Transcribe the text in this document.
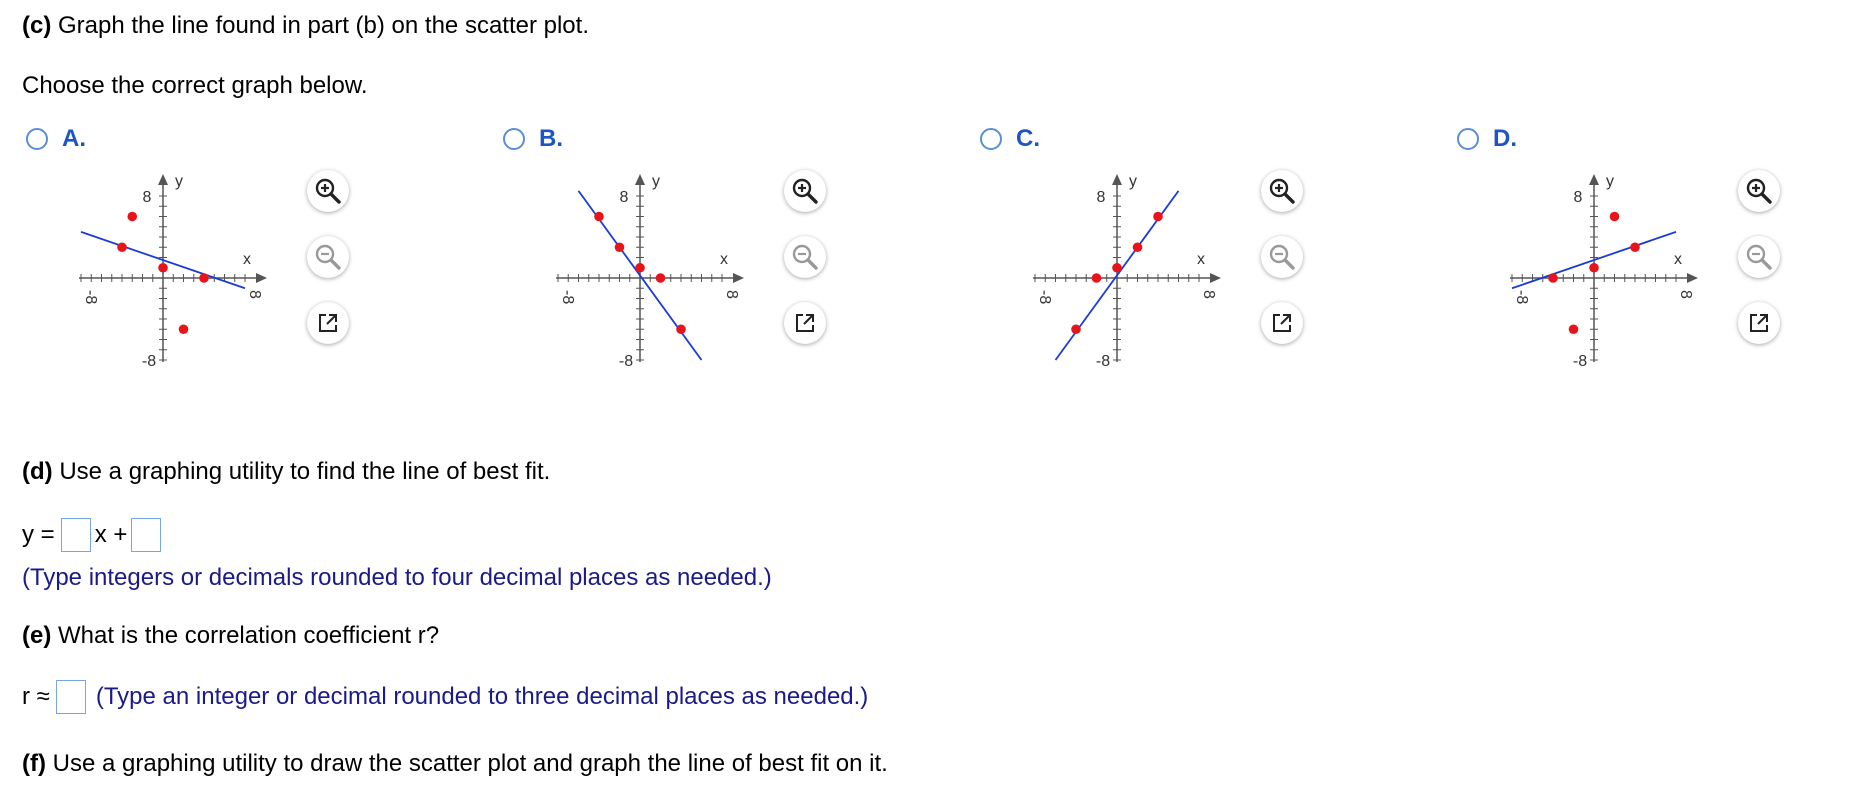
(c) Graph the line found in part (b) on the scatter plot.
Choose the correct graph below.
A.	B.	C.	D.
x
y
8
-8
-8	8
x
y
8
-8
-8	8
x
y
8
-8
-8	8
x
y
8
-8
-8	8
(d) Use a graphing utility to find the line of best fit.
y = x +
(Type integers or decimals rounded to four decimal places as needed.)
(e) What is the correlation coefficient r?
r ≈ (Type an integer or decimal rounded to three decimal places as needed.)
(f) Use a graphing utility to draw the scatter plot and graph the line of best fit on it.
